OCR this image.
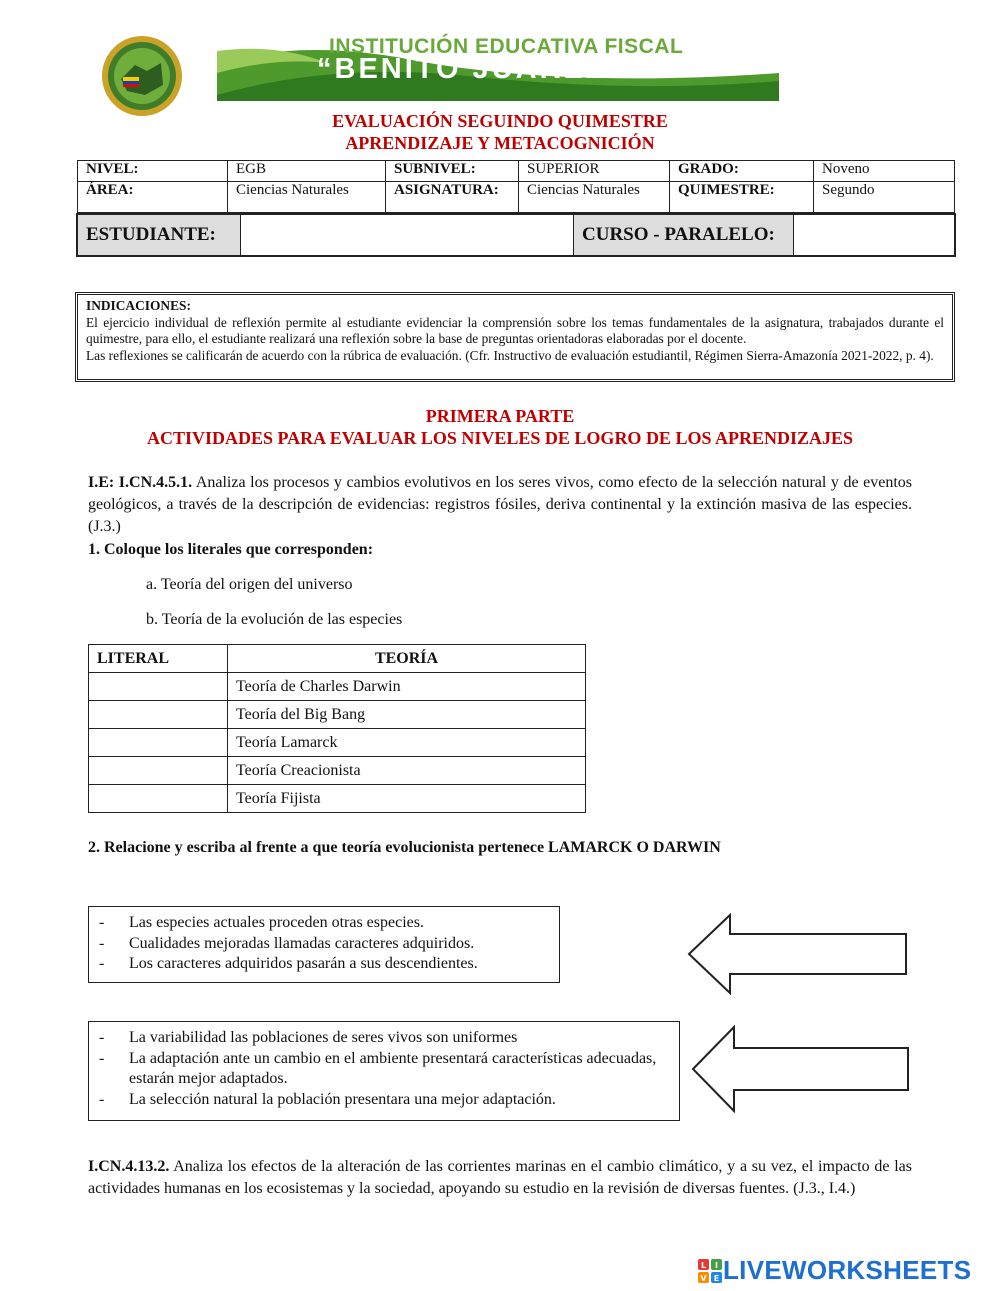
INSTITUCIÓN EDUCATIVA FISCAL
“BENITO JUAREZ”
EVALUACIÓN SEGUINDO QUIMESTRE
APRENDIZAJE Y METACOGNICIÓN
NIVEL:	EGB	SUBNIVEL:	SUPERIOR	GRADO:	Noveno
ÁREA:	Ciencias Naturales	ASIGNATURA:	Ciencias Naturales	QUIMESTRE:	Segundo
ESTUDIANTE:		CURSO - PARALELO:	
INDICACIONES:
El ejercicio individual de reflexión permite al estudiante evidenciar la comprensión sobre los temas fundamentales de la asignatura, trabajados durante el quimestre, para ello, el estudiante realizará una reflexión sobre la base de preguntas orientadoras elaboradas por el docente.
Las reflexiones se calificarán de acuerdo con la rúbrica de evaluación. (Cfr. Instructivo de evaluación estudiantil, Régimen Sierra-Amazonía 2021-2022, p. 4).
PRIMERA PARTE
ACTIVIDADES PARA EVALUAR LOS NIVELES DE LOGRO DE LOS APRENDIZAJES
I.E: I.CN.4.5.1. Analiza los procesos y cambios evolutivos en los seres vivos, como efecto de la selección natural y de eventos geológicos, a través de la descripción de evidencias: registros fósiles, deriva continental y la extinción masiva de las especies. (J.3.)
1. Coloque los literales que corresponden:
a. Teoría del origen del universo
b. Teoría de la evolución de las especies
LITERAL	TEORÍA
	Teoría de Charles Darwin
	Teoría del Big Bang
	Teoría Lamarck
	Teoría Creacionista
	Teoría Fijista
2. Relacione y escriba al frente a que teoría evolucionista pertenece LAMARCK O DARWIN
- Las especies actuales proceden otras especies.
- Cualidades mejoradas llamadas caracteres adquiridos.
- Los caracteres adquiridos pasarán a sus descendientes.
- La variabilidad las poblaciones de seres vivos son uniformes
- La adaptación ante un cambio en el ambiente presentará características adecuadas, estarán mejor adaptados.
- La selección natural la población presentara una mejor adaptación.
I.CN.4.13.2. Analiza los efectos de la alteración de las corrientes marinas en el cambio climático, y a su vez, el impacto de las actividades humanas en los ecosistemas y la sociedad, apoyando su estudio en la revisión de diversas fuentes. (J.3., I.4.)
L I
V E LIVEWORKSHEETS
